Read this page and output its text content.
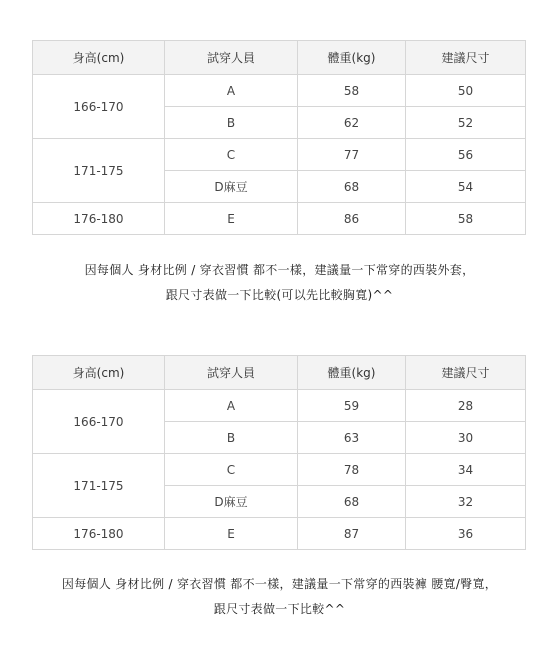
身高(cm)	試穿人員	體重(kg)	建議尺寸
166-170	A	58	50
	B	62	52
171-175	C	77	56
	D麻豆	68	54
176-180	E	86	58
因每個人 身材比例 / 穿衣習慣 都不一樣，建議量一下常穿的西裝外套，
跟尺寸表做一下比較(可以先比較胸寬)^^
身高(cm)	試穿人員	體重(kg)	建議尺寸
166-170	A	59	28
	B	63	30
171-175	C	78	34
	D麻豆	68	32
176-180	E	87	36
因每個人 身材比例 / 穿衣習慣 都不一樣，建議量一下常穿的西裝褲 腰寬/臀寬，
跟尺寸表做一下比較^^
